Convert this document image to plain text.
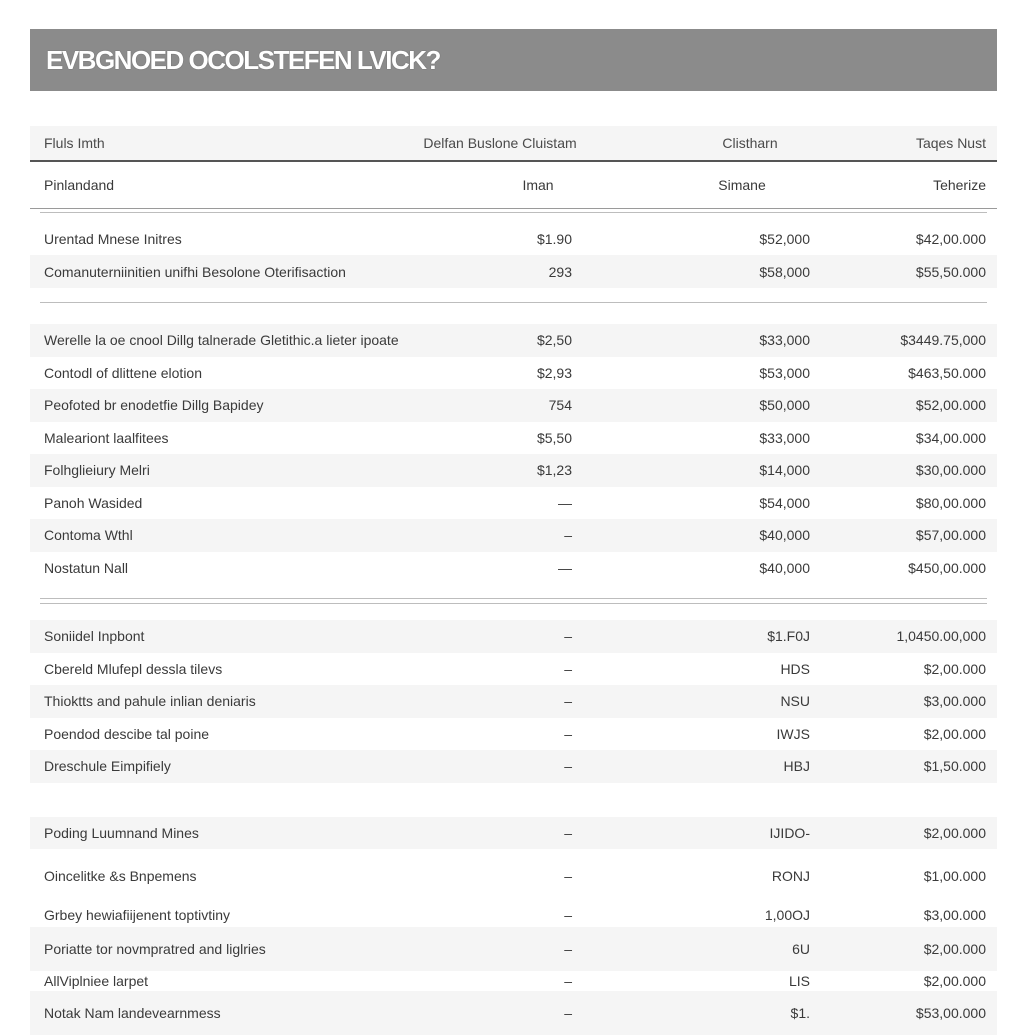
EVBGNOED OCOLSTEFEN LVICK?
Fluls Imth	Delfan Buslone Cluistam	Clistharn	Taqes Nust
Pinlandand	Iman	Simane	Teherize
Urentad Mnese Initres	$1.90	$52,000	$42,00.000
Comanuterniinitien unifhi Besolone Oterifisaction	293	$58,000	$55,50.000
Werelle la oe cnool Dillg talnerade Gletithic.a lieter ipoate	$2,50	$33,000	$3449.75,000
Contodl of dlittene elotion	$2,93	$53,000	$463,50.000
Peofoted br enodetfie Dillg Bapidey	754	$50,000	$52,00.000
Maleariont laalfitees	$5,50	$33,000	$34,00.000
Folhglieiury Melri	$1,23	$14,000	$30,00.000
Panoh Wasided	—	$54,000	$80,00.000
Contoma Wthl	–	$40,000	$57,00.000
Nostatun Nall	—	$40,000	$450,00.000
Soniidel Inpbont	–	$1.F0J	1,0450.00,000
Cbereld Mlufepl dessla tilevs	–	HDS	$2,00.000
Thioktts and pahule inlian deniaris	–	NSU	$3,00.000
Poendod descibe tal poine	–	IWJS	$2,00.000
Dreschule Eimpifiely	–	HBJ	$1,50.000
Poding Luumnand Mines	–	IJIDO-	$2,00.000
Oincelitke &s Bnpemens	–	RONJ	$1,00.000
Grbey hewiafiijenent toptivtiny	–	1,00OJ	$3,00.000
Poriatte tor novmpratred and liglries	–	6U	$2,00.000
AllViplniee larpet	–	LIS	$2,00.000
Notak Nam landevearnmess	–	$1.	$53,00.000
